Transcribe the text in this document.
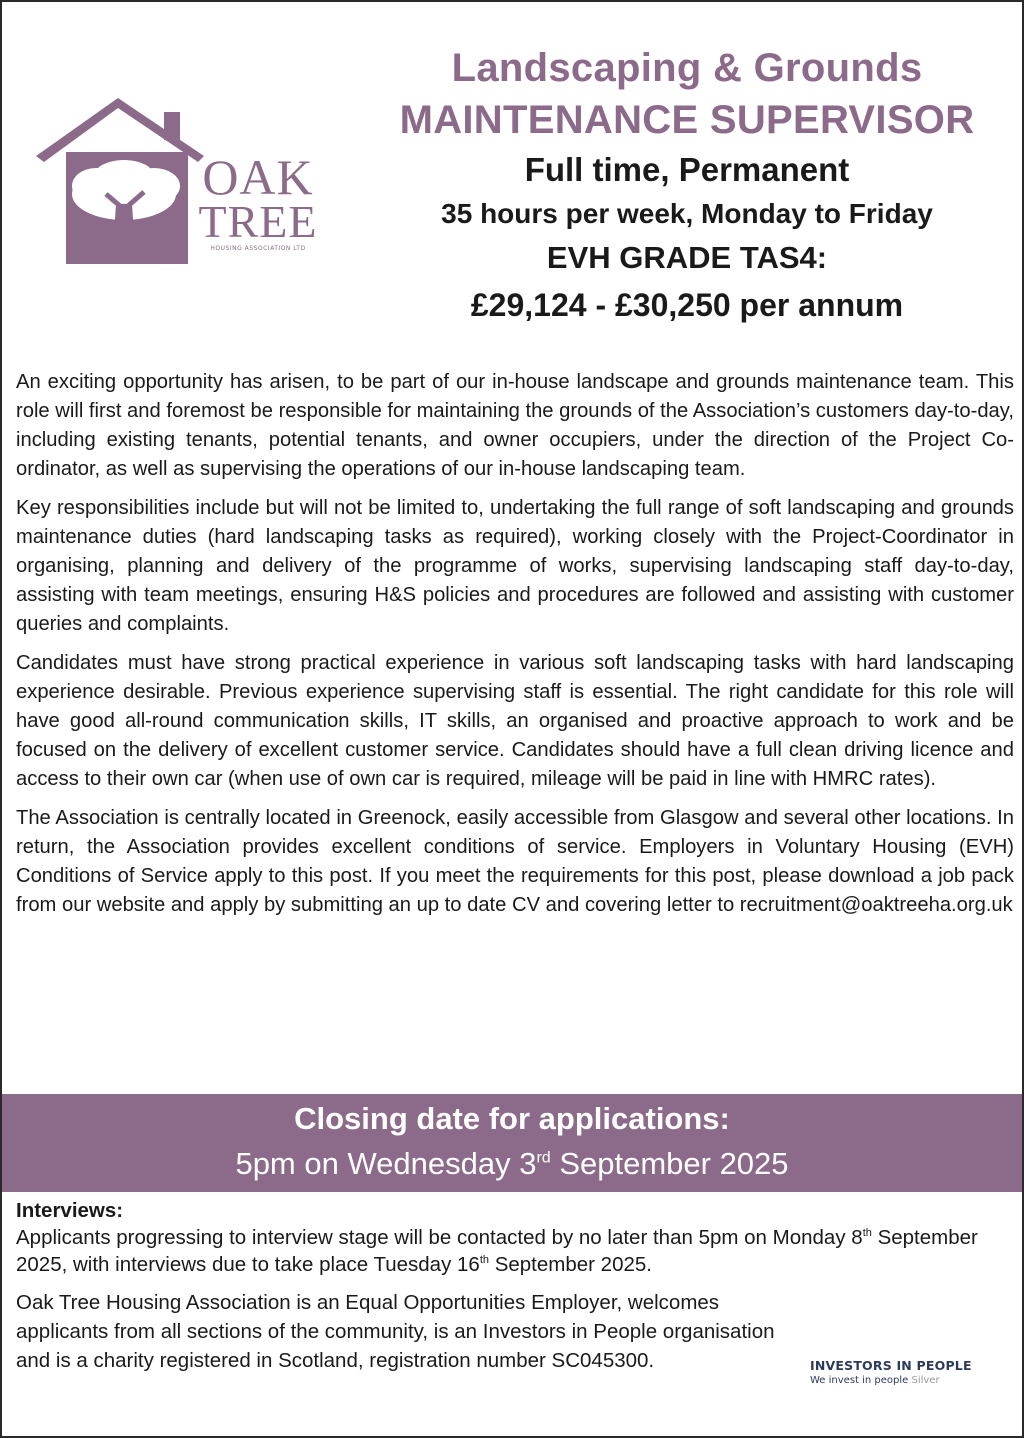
OAK
TREE
HOUSING ASSOCIATION LTD

Landscaping & Grounds

MAINTENANCE SUPERVISOR

Full time, Permanent

35 hours per week, Monday to Friday

EVH GRADE TAS4:

£29,124 - £30,250 per annum

An exciting opportunity has arisen, to be part of our in-house landscape and grounds maintenance team. This role will first and foremost be responsible for maintaining the grounds of the Association’s customers day-to-day, including existing tenants, potential tenants, and owner occupiers, under the direction of the Project Co-ordinator, as well as supervising the operations of our in-house landscaping team.

Key responsibilities include but will not be limited to, undertaking the full range of soft landscaping and grounds maintenance duties (hard landscaping tasks as required), working closely with the Project-Coordinator in organising, planning and delivery of the programme of works, supervising landscaping staff day-to-day, assisting with team meetings, ensuring H&S policies and procedures are followed and assisting with customer queries and complaints.

Candidates must have strong practical experience in various soft landscaping tasks with hard landscaping experience desirable. Previous experience supervising staff is essential. The right candidate for this role will have good all-round communication skills, IT skills, an organised and proactive approach to work and be focused on the delivery of excellent customer service. Candidates should have a full clean driving licence and access to their own car (when use of own car is required, mileage will be paid in line with HMRC rates).

The Association is centrally located in Greenock, easily accessible from Glasgow and several other locations. In return, the Association provides excellent conditions of service. Employers in Voluntary Housing (EVH) Conditions of Service apply to this post. If you meet the requirements for this post, please download a job pack from our website and apply by submitting an up to date CV and covering letter to recruitment@oaktreeha.org.uk

Closing date for applications:
5pm on Wednesday 3rd September 2025

Interviews:

Applicants progressing to interview stage will be contacted by no later than 5pm on Monday 8th September 2025, with interviews due to take place Tuesday 16th September 2025.

Oak Tree Housing Association is an Equal Opportunities Employer, welcomes applicants from all sections of the community, is an Investors in People organisation and is a charity registered in Scotland, registration number SC045300.	INVESTORS IN PEOPLE
We invest in people Silver
